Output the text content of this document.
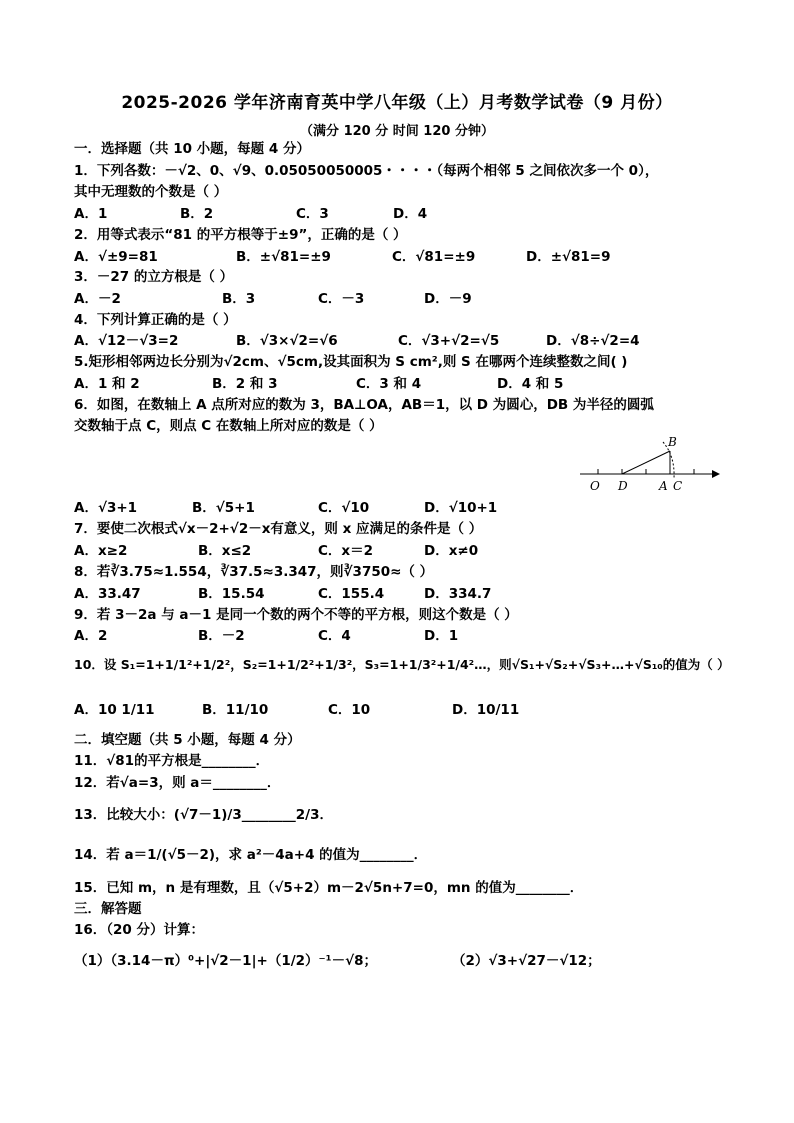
2025-2026 学年济南育英中学八年级（上）月考数学试卷（9 月份）
（满分 120 分 时间 120 分钟）
一．选择题（共 10 小题，每题 4 分）
1．下列各数：－√2、0、√9、0.05050050005・・・・（每两个相邻 5 之间依次多一个 0），
其中无理数的个数是（ ）
A．1	B．2	C．3	D．4
2．用等式表示“81 的平方根等于±9”，正确的是（ ）
A．√±9=81	B．±√81=±9	C．√81=±9	D．±√81=9
3．－27 的立方根是（ ）
A．－2	B．3	C．－3	D．－9
4．下列计算正确的是（ ）
A．√12－√3=2	B．√3×√2=√6	C．√3+√2=√5	D．√8÷√2=4
5.矩形相邻两边长分别为√2cm、√5cm,设其面积为 S cm²,则 S 在哪两个连续整数之间( )
A．1 和 2	B．2 和 3	C．3 和 4	D．4 和 5
6．如图，在数轴上 A 点所对应的数为 3，BA⊥OA，AB＝1，以 D 为圆心，DB 为半径的圆弧
交数轴于点 C，则点 C 在数轴上所对应的数是（ ）
O D	A C
B
A．√3+1	B．√5+1	C．√10	D．√10+1
7．要使二次根式√x－2+√2－x有意义，则 x 应满足的条件是（ ）
A．x≥2	B．x≤2	C．x＝2	D．x≠0
8．若∛3.75≈1.554，∛37.5≈3.347，则∛3750≈（ ）
A．33.47	B．15.54	C．155.4	D．334.7
9．若 3－2a 与 a－1 是同一个数的两个不等的平方根，则这个数是（ ）
A．2	B．－2	C．4	D．1
10．设 S₁=1+1/1²+1/2²，S₂=1+1/2²+1/3²，S₃=1+1/3²+1/4²…，则√S₁+√S₂+√S₃+…+√S₁₀的值为（ ）
A．10 1/11	B．11/10	C．10	D．10/11
二．填空题（共 5 小题，每题 4 分）
11．√81的平方根是________．
12．若√a=3，则 a＝________．
13．比较大小：(√7－1)/3________2/3．
14．若 a＝1/(√5－2)，求 a²－4a+4 的值为________．
15．已知 m，n 是有理数，且（√5+2）m－2√5n+7=0，mn 的值为________．
三．解答题
16．（20 分）计算：
（1）（3.14－π）⁰+|√2－1|+（1/2）⁻¹－√8；	（2）√3+√27－√12；
